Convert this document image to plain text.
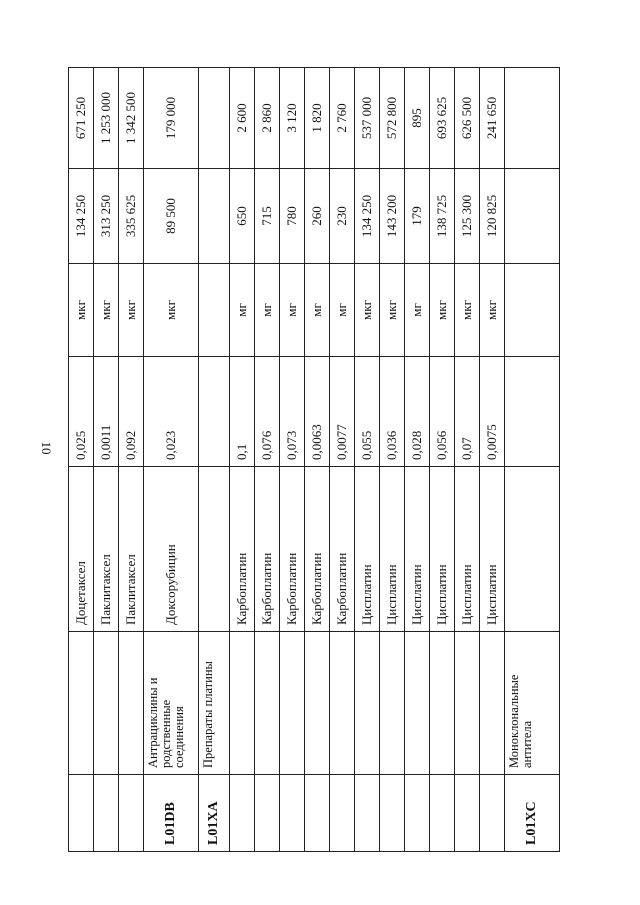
10
		Доцетаксел	0,025	мкг	134 250	671 250
		Паклитаксел	0,0011	мкг	313 250	1 253 000
		Паклитаксел	0,092	мкг	335 625	1 342 500
L01DB	Антрациклины и родственные соединения	Доксорубицин	0,023	мкг	89 500	179 000
L01XA	Препараты платины					
		Карбоплатин	0,1	мг	650	2 600
		Карбоплатин	0,076	мг	715	2 860
		Карбоплатин	0,073	мг	780	3 120
		Карбоплатин	0,0063	мг	260	1 820
		Карбоплатин	0,0077	мг	230	2 760
		Цисплатин	0,055	мкг	134 250	537 000
		Цисплатин	0,036	мкг	143 200	572 800
		Цисплатин	0,028	мг	179	895
		Цисплатин	0,056	мкг	138 725	693 625
		Цисплатин	0,07	мкг	125 300	626 500
		Цисплатин	0,0075	мкг	120 825	241 650
L01XC	Моноклональные антитела					
